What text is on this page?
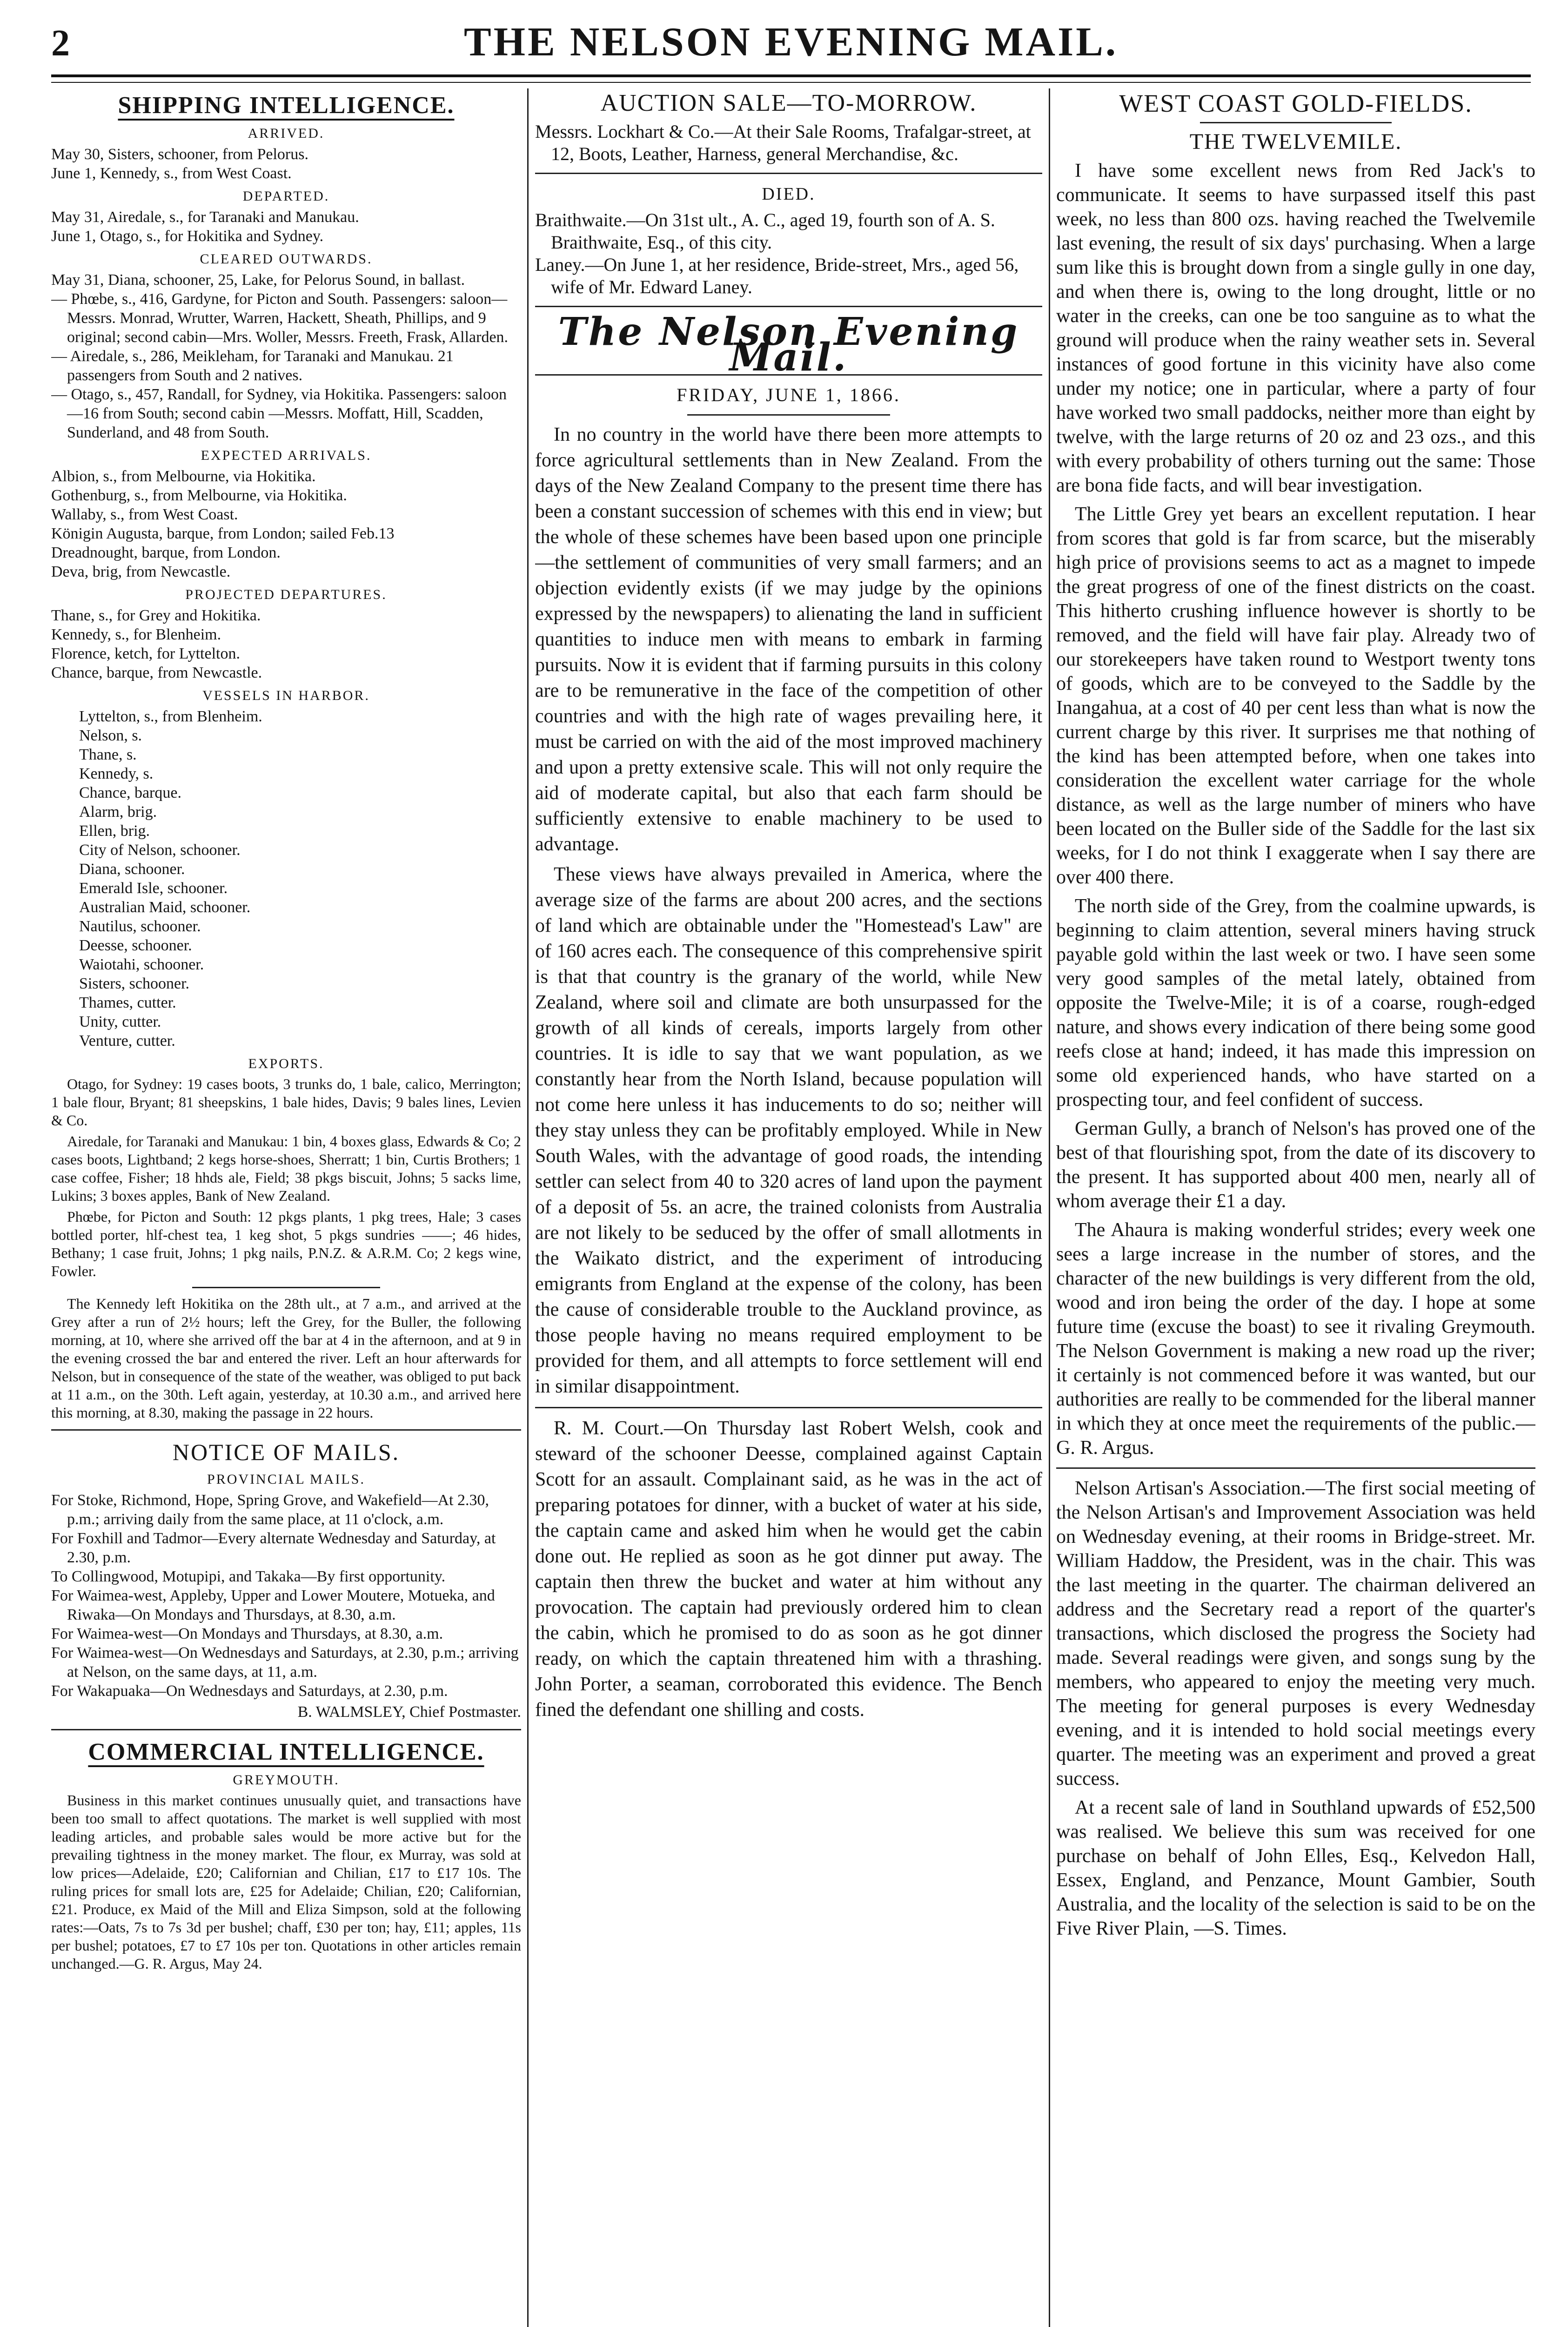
2	THE NELSON EVENING MAIL.
SHIPPING INTELLIGENCE.
ARRIVED.

May 30, Sisters, schooner, from Pelorus.

June 1, Kennedy, s., from West Coast.

DEPARTED.

May 31, Airedale, s., for Taranaki and Manukau.

June 1, Otago, s., for Hokitika and Sydney.

CLEARED OUTWARDS.

May 31, Diana, schooner, 25, Lake, for Pelorus Sound, in ballast.

— Phœbe, s., 416, Gardyne, for Picton and South. Passengers: saloon—Messrs. Monrad, Wrutter, Warren, Hackett, Sheath, Phillips, and 9 original; second cabin—Mrs. Woller, Messrs. Freeth, Frask, Allarden.

— Airedale, s., 286, Meikleham, for Taranaki and Manukau. 21 passengers from South and 2 natives.

— Otago, s., 457, Randall, for Sydney, via Hokitika. Passengers: saloon—16 from South; second cabin —Messrs. Moffatt, Hill, Scadden, Sunderland, and 48 from South.

EXPECTED ARRIVALS.

Albion, s., from Melbourne, via Hokitika.

Gothenburg, s., from Melbourne, via Hokitika.

Wallaby, s., from West Coast.

Königin Augusta, barque, from London; sailed Feb.13

Dreadnought, barque, from London.

Deva, brig, from Newcastle.

PROJECTED DEPARTURES.

Thane, s., for Grey and Hokitika.

Kennedy, s., for Blenheim.

Florence, ketch, for Lyttelton.

Chance, barque, from Newcastle.

VESSELS IN HARBOR.

Lyttelton, s., from Blenheim.

Nelson, s.

Thane, s.

Kennedy, s.

Chance, barque.

Alarm, brig.

Ellen, brig.

City of Nelson, schooner.

Diana, schooner.

Emerald Isle, schooner.

Australian Maid, schooner.

Nautilus, schooner.

Deesse, schooner.

Waiotahi, schooner.

Sisters, schooner.

Thames, cutter.

Unity, cutter.

Venture, cutter.

EXPORTS.

Otago, for Sydney: 19 cases boots, 3 trunks do, 1 bale, calico, Merrington; 1 bale flour, Bryant; 81 sheepskins, 1 bale hides, Davis; 9 bales lines, Levien & Co.

Airedale, for Taranaki and Manukau: 1 bin, 4 boxes glass, Edwards & Co; 2 cases boots, Lightband; 2 kegs horse-shoes, Sherratt; 1 bin, Curtis Brothers; 1 case coffee, Fisher; 18 hhds ale, Field; 38 pkgs biscuit, Johns; 5 sacks lime, Lukins; 3 boxes apples, Bank of New Zealand.

Phœbe, for Picton and South: 12 pkgs plants, 1 pkg trees, Hale; 3 cases bottled porter, hlf-chest tea, 1 keg shot, 5 pkgs sundries ——; 46 hides, Bethany; 1 case fruit, Johns; 1 pkg nails, P.N.Z. & A.R.M. Co; 2 kegs wine, Fowler.

The Kennedy left Hokitika on the 28th ult., at 7 a.m., and arrived at the Grey after a run of 2½ hours; left the Grey, for the Buller, the following morning, at 10, where she arrived off the bar at 4 in the afternoon, and at 9 in the evening crossed the bar and entered the river. Left an hour afterwards for Nelson, but in consequence of the state of the weather, was obliged to put back at 11 a.m., on the 30th. Left again, yesterday, at 10.30 a.m., and arrived here this morning, at 8.30, making the passage in 22 hours.

NOTICE OF MAILS.
PROVINCIAL MAILS.

For Stoke, Richmond, Hope, Spring Grove, and Wakefield—At 2.30, p.m.; arriving daily from the same place, at 11 o'clock, a.m.

For Foxhill and Tadmor—Every alternate Wednesday and Saturday, at 2.30, p.m.

To Collingwood, Motupipi, and Takaka—By first opportunity.

For Waimea-west, Appleby, Upper and Lower Moutere, Motueka, and Riwaka—On Mondays and Thursdays, at 8.30, a.m.

For Waimea-west—On Mondays and Thursdays, at 8.30, a.m.

For Waimea-west—On Wednesdays and Saturdays, at 2.30, p.m.; arriving at Nelson, on the same days, at 11, a.m.

For Wakapuaka—On Wednesdays and Saturdays, at 2.30, p.m.

B. WALMSLEY, Chief Postmaster.

COMMERCIAL INTELLIGENCE.
GREYMOUTH.

Business in this market continues unusually quiet, and transactions have been too small to affect quotations. The market is well supplied with most leading articles, and probable sales would be more active but for the prevailing tightness in the money market. The flour, ex Murray, was sold at low prices—Adelaide, £20; Californian and Chilian, £17 to £17 10s. The ruling prices for small lots are, £25 for Adelaide; Chilian, £20; Californian, £21. Produce, ex Maid of the Mill and Eliza Simpson, sold at the following rates:—Oats, 7s to 7s 3d per bushel; chaff, £30 per ton; hay, £11; apples, 11s per bushel; potatoes, £7 to £7 10s per ton. Quotations in other articles remain unchanged.—G. R. Argus, May 24.

AUCTION SALE—TO-MORROW.

Messrs. Lockhart & Co.—At their Sale Rooms, Trafalgar-street, at 12, Boots, Leather, Harness, general Merchandise, &c.

DIED.

Braithwaite.—On 31st ult., A. C., aged 19, fourth son of A. S. Braithwaite, Esq., of this city.

Laney.—On June 1, at her residence, Bride-street, Mrs., aged 56, wife of Mr. Edward Laney.

The Nelson Evening Mail.
FRIDAY, JUNE 1, 1866.

In no country in the world have there been more attempts to force agricultural settlements than in New Zealand. From the days of the New Zealand Company to the present time there has been a constant succession of schemes with this end in view; but the whole of these schemes have been based upon one principle—the settlement of communities of very small farmers; and an objection evidently exists (if we may judge by the opinions expressed by the newspapers) to alienating the land in sufficient quantities to induce men with means to embark in farming pursuits. Now it is evident that if farming pursuits in this colony are to be remunerative in the face of the competition of other countries and with the high rate of wages prevailing here, it must be carried on with the aid of the most improved machinery and upon a pretty extensive scale. This will not only require the aid of moderate capital, but also that each farm should be sufficiently extensive to enable machinery to be used to advantage.

These views have always prevailed in America, where the average size of the farms are about 200 acres, and the sections of land which are obtainable under the "Homestead's Law" are of 160 acres each. The consequence of this comprehensive spirit is that that country is the granary of the world, while New Zealand, where soil and climate are both unsurpassed for the growth of all kinds of cereals, imports largely from other countries. It is idle to say that we want population, as we constantly hear from the North Island, because population will not come here unless it has inducements to do so; neither will they stay unless they can be profitably employed. While in New South Wales, with the advantage of good roads, the intending settler can select from 40 to 320 acres of land upon the payment of a deposit of 5s. an acre, the trained colonists from Australia are not likely to be seduced by the offer of small allotments in the Waikato district, and the experiment of introducing emigrants from England at the expense of the colony, has been the cause of considerable trouble to the Auckland province, as those people having no means required employment to be provided for them, and all attempts to force settlement will end in similar disappointment.

R. M. Court.—On Thursday last Robert Welsh, cook and steward of the schooner Deesse, complained against Captain Scott for an assault. Complainant said, as he was in the act of preparing potatoes for dinner, with a bucket of water at his side, the captain came and asked him when he would get the cabin done out. He replied as soon as he got dinner put away. The captain then threw the bucket and water at him without any provocation. The captain had previously ordered him to clean the cabin, which he promised to do as soon as he got dinner ready, on which the captain threatened him with a thrashing. John Porter, a seaman, corroborated this evidence. The Bench fined the defendant one shilling and costs.

WEST COAST GOLD-FIELDS.
THE TWELVEMILE.

I have some excellent news from Red Jack's to communicate. It seems to have surpassed itself this past week, no less than 800 ozs. having reached the Twelvemile last evening, the result of six days' purchasing. When a large sum like this is brought down from a single gully in one day, and when there is, owing to the long drought, little or no water in the creeks, can one be too sanguine as to what the ground will produce when the rainy weather sets in. Several instances of good fortune in this vicinity have also come under my notice; one in particular, where a party of four have worked two small paddocks, neither more than eight by twelve, with the large returns of 20 oz and 23 ozs., and this with every probability of others turning out the same: Those are bona fide facts, and will bear investigation.

The Little Grey yet bears an excellent reputation. I hear from scores that gold is far from scarce, but the miserably high price of provisions seems to act as a magnet to impede the great progress of one of the finest districts on the coast. This hitherto crushing influence however is shortly to be removed, and the field will have fair play. Already two of our storekeepers have taken round to Westport twenty tons of goods, which are to be conveyed to the Saddle by the Inangahua, at a cost of 40 per cent less than what is now the current charge by this river. It surprises me that nothing of the kind has been attempted before, when one takes into consideration the excellent water carriage for the whole distance, as well as the large number of miners who have been located on the Buller side of the Saddle for the last six weeks, for I do not think I exaggerate when I say there are over 400 there.

The north side of the Grey, from the coalmine upwards, is beginning to claim attention, several miners having struck payable gold within the last week or two. I have seen some very good samples of the metal lately, obtained from opposite the Twelve-Mile; it is of a coarse, rough-edged nature, and shows every indication of there being some good reefs close at hand; indeed, it has made this impression on some old experienced hands, who have started on a prospecting tour, and feel confident of success.

German Gully, a branch of Nelson's has proved one of the best of that flourishing spot, from the date of its discovery to the present. It has supported about 400 men, nearly all of whom average their £1 a day.

The Ahaura is making wonderful strides; every week one sees a large increase in the number of stores, and the character of the new buildings is very different from the old, wood and iron being the order of the day. I hope at some future time (excuse the boast) to see it rivaling Greymouth. The Nelson Government is making a new road up the river; it certainly is not commenced before it was wanted, but our authorities are really to be commended for the liberal manner in which they at once meet the requirements of the public.—G. R. Argus.

Nelson Artisan's Association.—The first social meeting of the Nelson Artisan's and Improvement Association was held on Wednesday evening, at their rooms in Bridge-street. Mr. William Haddow, the President, was in the chair. This was the last meeting in the quarter. The chairman delivered an address and the Secretary read a report of the quarter's transactions, which disclosed the progress the Society had made. Several readings were given, and songs sung by the members, who appeared to enjoy the meeting very much. The meeting for general purposes is every Wednesday evening, and it is intended to hold social meetings every quarter. The meeting was an experiment and proved a great success.

At a recent sale of land in Southland upwards of £52,500 was realised. We believe this sum was received for one purchase on behalf of John Elles, Esq., Kelvedon Hall, Essex, England, and Penzance, Mount Gambier, South Australia, and the locality of the selection is said to be on the Five River Plain, —S. Times.
